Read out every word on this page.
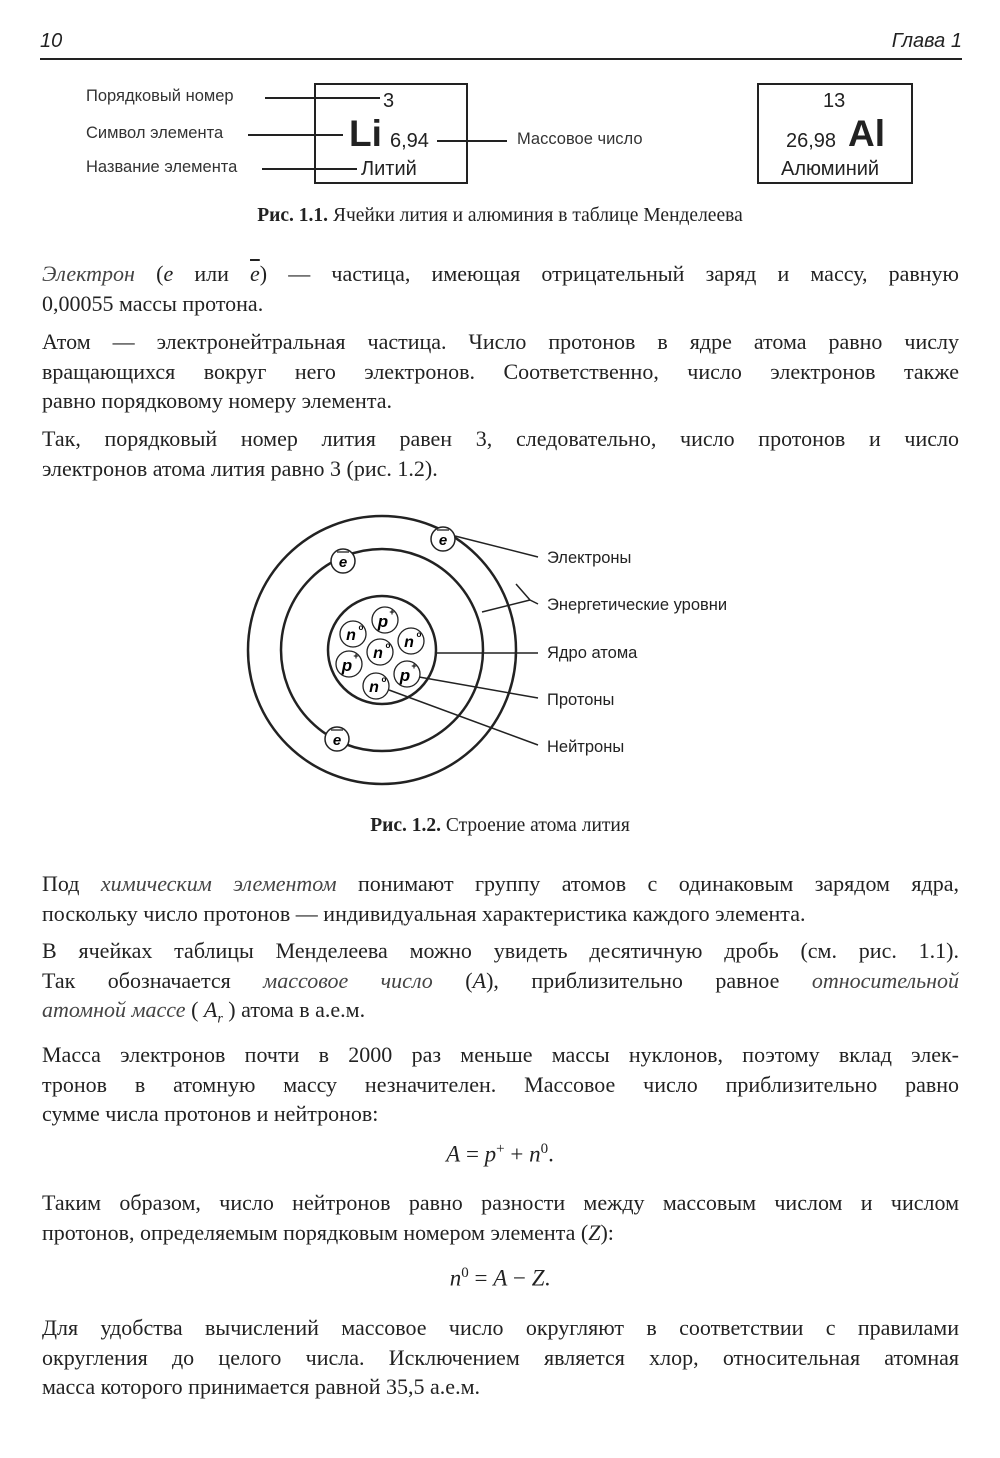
10	Глава 1
Порядковый номер
Символ элемента
Название элемента
Массовое число
3
Li 6,94
Литий
13
26,98 Al
Алюминий
Рис. 1.1. Ячейки лития и алюминия в таблице Менделеева
Электрон (e или $\overline{e}$) — частица, имеющая отрицательный заряд и массу, равную
0,00055 массы протона.
Атом — электронейтральная частица. Число протонов в ядре атома равно числу
вращающихся вокруг него электронов. Соответственно, число электронов также
равно порядковому номеру элемента.
Так, порядковый номер лития равен 3, следовательно, число протонов и число
электронов атома лития равно 3 (рис. 1.2).
e
e
e
p +
n o
n o
n o
p +
p +
n o
Электроны
Энергетические уровни
Ядро атома
Протоны
Нейтроны
Рис. 1.2. Строение атома лития
Под химическим элементом понимают группу атомов с одинаковым зарядом ядра,
поскольку число протонов — индивидуальная характеристика каждого элемента.
В ячейках таблицы Менделеева можно увидеть десятичную дробь (см. рис. 1.1).
Так обозначается массовое число (A), приблизительно равное относительной
атомной массе ( $A_r$ ) атома в а.е.м.
Масса электронов почти в 2000 раз меньше массы нуклонов, поэтому вклад элек-
тронов в атомную массу незначителен. Массовое число приблизительно равно
сумме числа протонов и нейтронов:
$A = p^+ + n^0$.
Таким образом, число нейтронов равно разности между массовым числом и числом
протонов, определяемым порядковым номером элемента (Z):
$n^0 = A - Z$.
Для удобства вычислений массовое число округляют в соответствии с правилами
округления до целого числа. Исключением является хлор, относительная атомная
масса которого принимается равной 35,5 а.е.м.
